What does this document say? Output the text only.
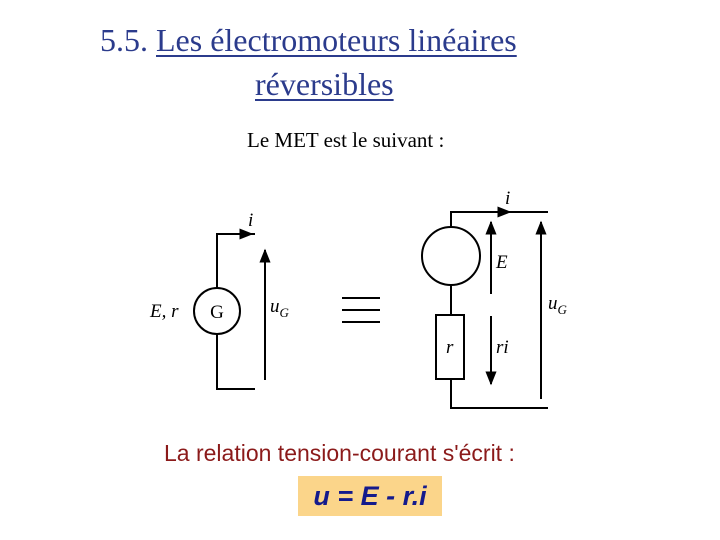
5.5. Les électromoteurs linéaires
réversibles
Le MET est le suivant :
i
E, r G $u_G$	≡
i
E
r ri
$u_G$
La relation tension-courant s'écrit :
u = E - r.i
